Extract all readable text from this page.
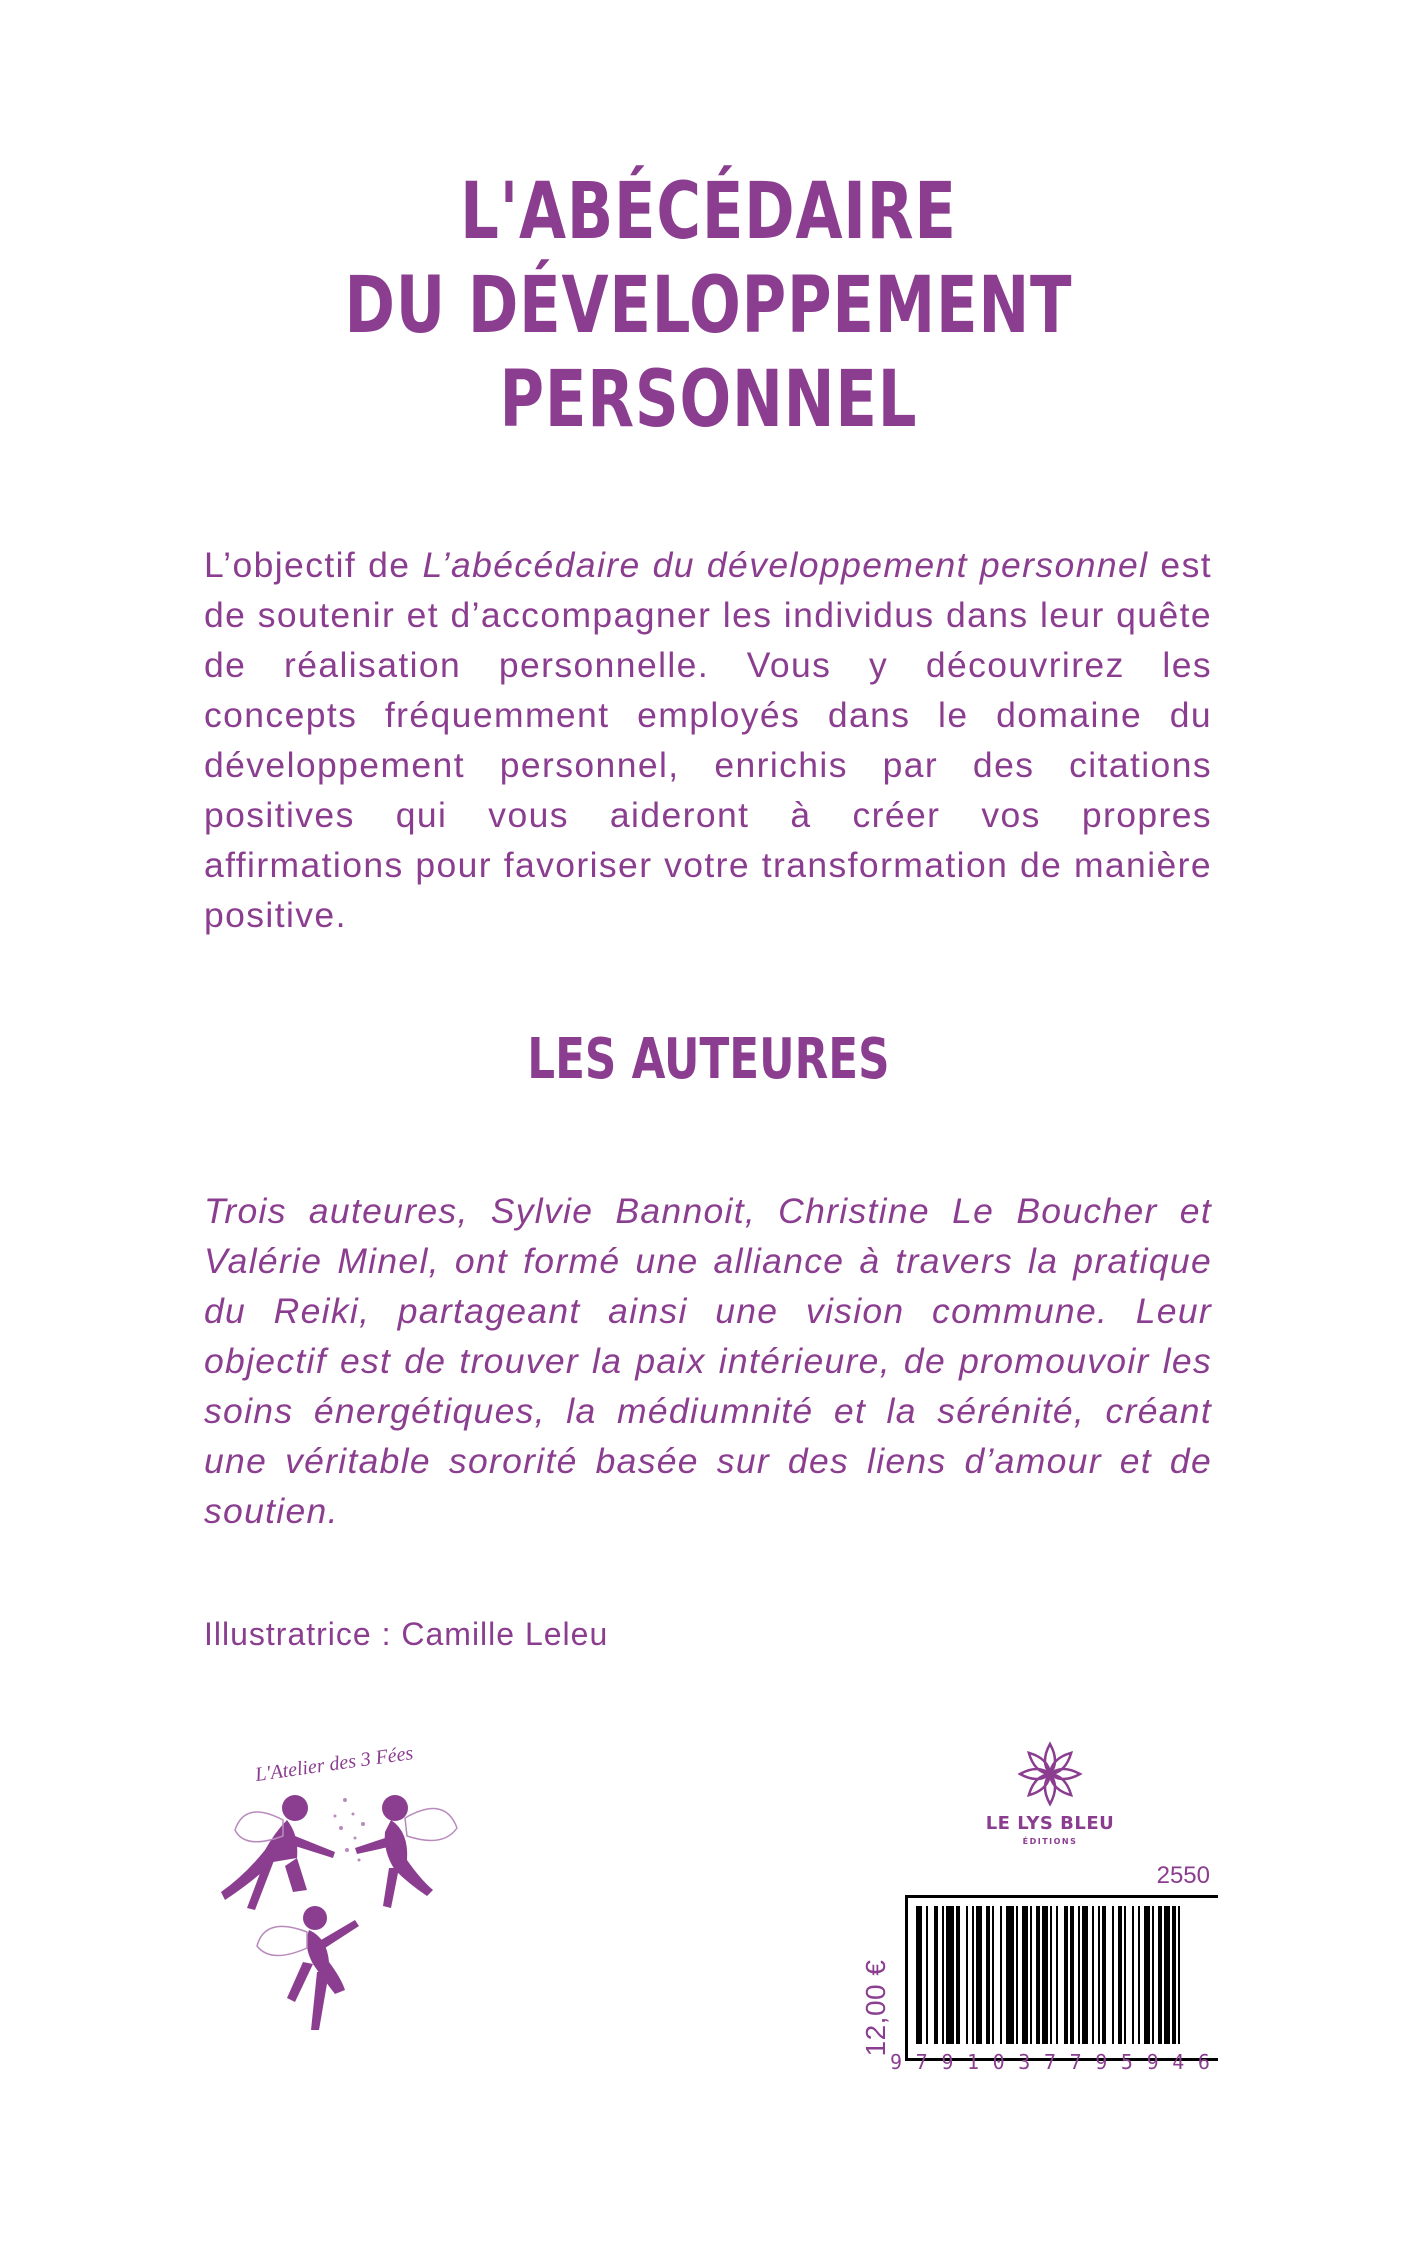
L'ABÉCÉDAIRE
DU DÉVELOPPEMENT
PERSONNEL
L’objectif de L’abécédaire du développement personnel est de soutenir et d’accompagner les individus dans leur quête de réalisation personnelle. Vous y découvrirez les concepts fréquemment employés dans le domaine du développement personnel, enrichis par des citations positives qui vous aideront à créer vos propres affirmations pour favoriser votre transformation de manière positive.
LES AUTEURES
Trois auteures, Sylvie Bannoit, Christine Le Boucher et Valérie Minel, ont formé une alliance à travers la pratique du Reiki, partageant ainsi une vision commune. Leur objectif est de trouver la paix intérieure, de promouvoir les soins énergétiques, la médiumnité et la sérénité, créant une véritable sororité basée sur des liens d’amour et de soutien.
Illustratrice : Camille Leleu
L'Atelier des 3 Fées
LE LYS BLEU
ÉDITIONS
2550
12,00 €
9 7 9 1 0 3 7 7 9 5 9 4 6
